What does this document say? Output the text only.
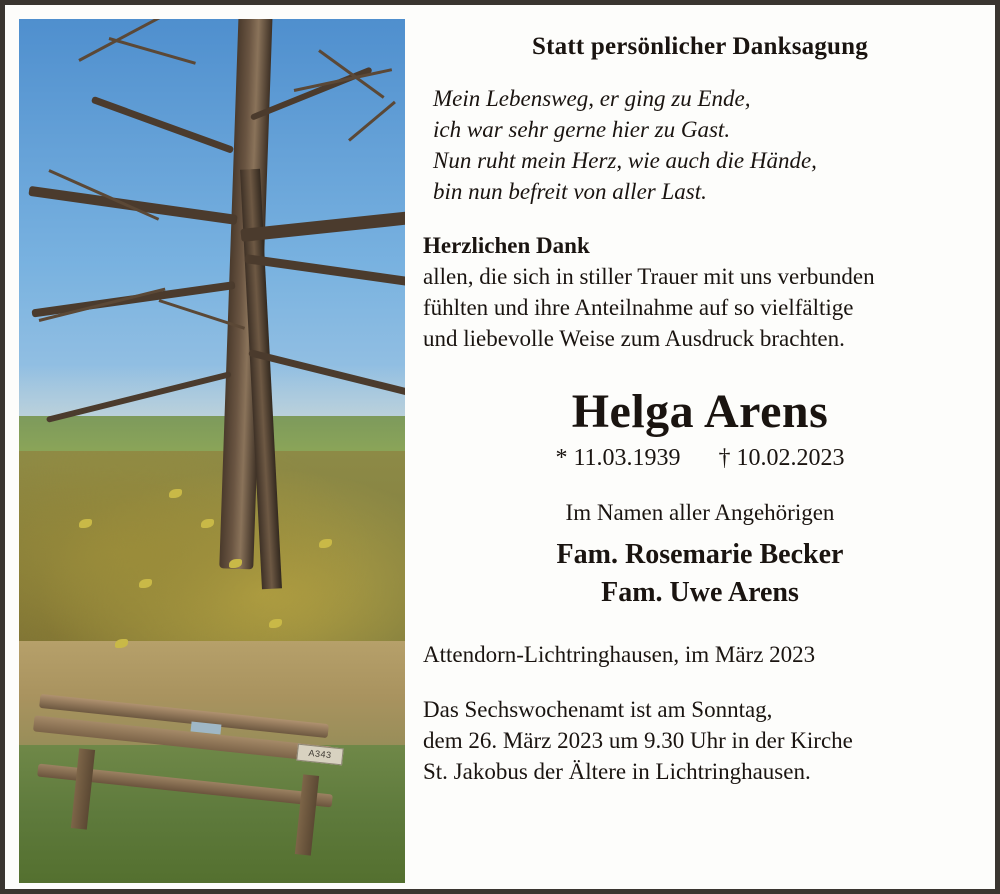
A343
Statt persönlicher Danksagung
Mein Lebensweg, er ging zu Ende,
ich war sehr gerne hier zu Gast.
Nun ruht mein Herz, wie auch die Hände,
bin nun befreit von aller Last.
Herzlichen Dank
allen, die sich in stiller Trauer mit uns verbunden
fühlten und ihre Anteilnahme auf so vielfältige
und liebevolle Weise zum Ausdruck brachten.
Helga Arens
* 11.03.1939 † 10.02.2023
Im Namen aller Angehörigen
Fam. Rosemarie Becker
Fam. Uwe Arens
Attendorn-Lichtringhausen, im März 2023
Das Sechswochenamt ist am Sonntag,
dem 26. März 2023 um 9.30 Uhr in der Kirche
St. Jakobus der Ältere in Lichtringhausen.
